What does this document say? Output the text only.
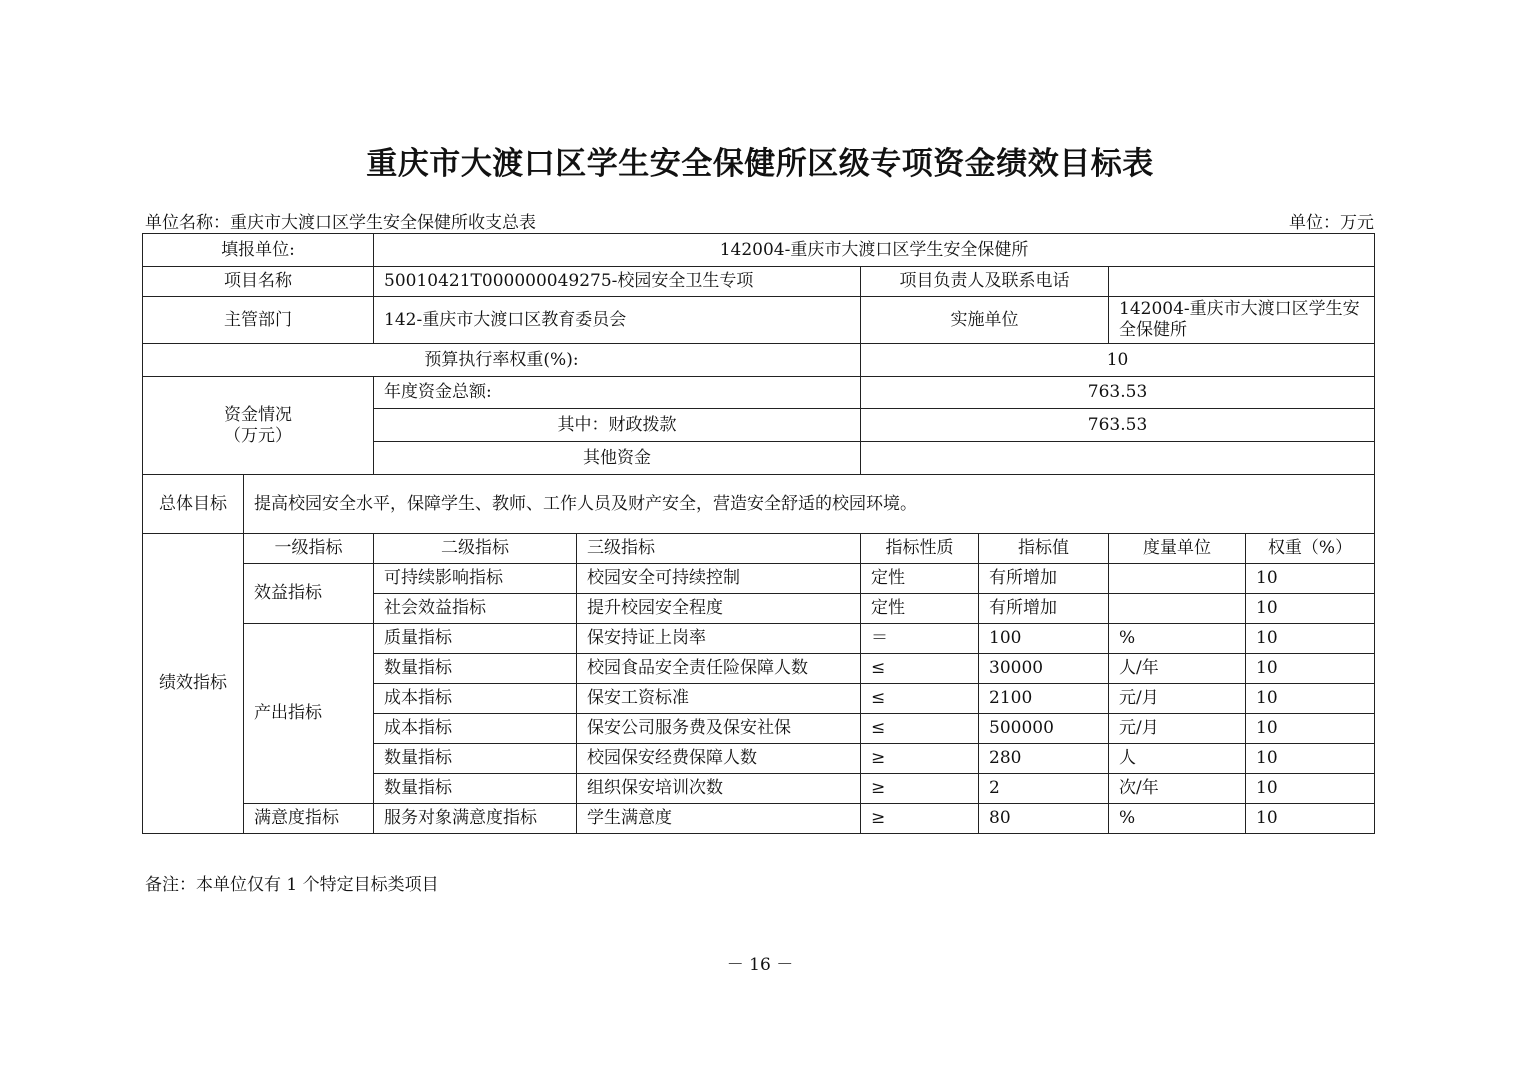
重庆市大渡口区学生安全保健所区级专项资金绩效目标表
单位名称：重庆市大渡口区学生安全保健所收支总表	单位：万元
填报单位:		142004-重庆市大渡口区学生安全保健所					
项目名称		50010421T000000049275-校园安全卫生专项		项目负责人及联系电话			
主管部门		142-重庆市大渡口区教育委员会		实施单位		142004-重庆市大渡口区学生安全保健所	
预算执行率权重(%):				10			
资金情况
（万元）		年度资金总额:		763.53			
		其中：财政拨款		763.53			
		其他资金					
总体目标	提高校园安全水平，保障学生、教师、工作人员及财产安全，营造安全舒适的校园环境。						
绩效指标	一级指标	二级指标	三级指标	指标性质	指标值	度量单位	权重（%）
	效益指标	可持续影响指标	校园安全可持续控制	定性	有所增加		10
		社会效益指标	提升校园安全程度	定性	有所增加		10
	产出指标	质量指标	保安持证上岗率	＝	100	%	10
		数量指标	校园食品安全责任险保障人数	≤	30000	人/年	10
		成本指标	保安工资标准	≤	2100	元/月	10
		成本指标	保安公司服务费及保安社保	≤	500000	元/月	10
		数量指标	校园保安经费保障人数	≥	280	人	10
		数量指标	组织保安培训次数	≥	2	次/年	10
	满意度指标	服务对象满意度指标	学生满意度	≥	80	%	10
备注：本单位仅有 1 个特定目标类项目
－ 16 －
